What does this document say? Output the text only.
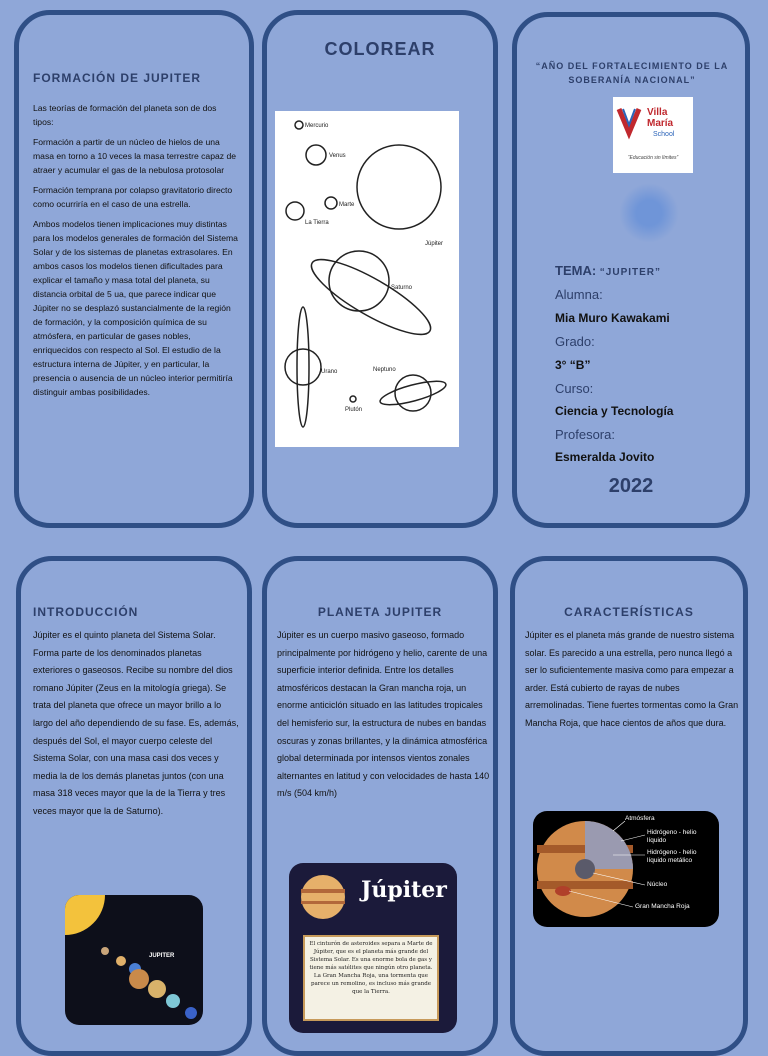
FORMACIÓN DE JUPITER

Las teorías de formación del planeta son de dos tipos:

Formación a partir de un núcleo de hielos de una masa en torno a 10 veces la masa terrestre capaz de atraer y acumular el gas de la nebulosa protosolar

Formación temprana por colapso gravitatorio directo como ocurriría en el caso de una estrella.

Ambos modelos tienen implicaciones muy distintas para los modelos generales de formación del Sistema Solar y de los sistemas de planetas extrasolares. En ambos casos los modelos tienen dificultades para explicar el tamaño y masa total del planeta, su distancia orbital de 5 ua, que parece indicar que Júpiter no se desplazó sustancialmente de la región de formación, y la composición química de su atmósfera, en particular de gases nobles, enriquecidos con respecto al Sol. El estudio de la estructura interna de Júpiter, y en particular, la presencia o ausencia de un núcleo interior permitiría distinguir ambas posibilidades.

COLOREAR
Mercurio
Venus
Marte
La Tierra
Júpiter
Saturno
Urano	Neptuno
Plutón
“AÑO DEL FORTALECIMIENTO DE LA SOBERANÍA NACIONAL”
Villa María
School
“Educación sin límites”
TEMA: “JUPITER”
Alumna:
Mia Muro Kawakami
Grado:
3° “B”
Curso:
Ciencia y Tecnología
Profesora:
Esmeralda Jovito
2022
INTRODUCCIÓN
Júpiter es el quinto planeta del Sistema Solar. Forma parte de los denominados planetas exteriores o gaseosos. Recibe su nombre del dios romano Júpiter (Zeus en la mitología griega). Se trata del planeta que ofrece un mayor brillo a lo largo del año dependiendo de su fase. Es, además, después del Sol, el mayor cuerpo celeste del Sistema Solar, con una masa casi dos veces y media la de los demás planetas juntos (con una masa 318 veces mayor que la de la Tierra y tres veces mayor que la de Saturno).
JUPITER
PLANETA JUPITER
Júpiter es un cuerpo masivo gaseoso, formado principalmente por hidrógeno y helio, carente de una superficie interior definida. Entre los detalles atmosféricos destacan la Gran mancha roja, un enorme anticiclón situado en las latitudes tropicales del hemisferio sur, la estructura de nubes en bandas oscuras y zonas brillantes, y la dinámica atmosférica global determinada por intensos vientos zonales alternantes en latitud y con velocidades de hasta 140 m/s (504 km/h)
Júpiter
El cinturón de asteroides separa a Marte de Júpiter, que es el planeta más grande del Sistema Solar. Es una enorme bola de gas y tiene más satélites que ningún otro planeta. La Gran Mancha Roja, una tormenta que parece un remolino, es incluso más grande que la Tierra.
CARACTERÍSTICAS
Júpiter es el planeta más grande de nuestro sistema solar. Es parecido a una estrella, pero nunca llegó a ser lo suficientemente masiva como para empezar a arder. Está cubierto de rayas de nubes arremolinadas. Tiene fuertes tormentas como la Gran Mancha Roja, que hace cientos de años que dura.
Atmósfera
Hidrógeno - helio líquido
Hidrógeno - helio líquido metálico
Núcleo
Gran Mancha Roja
